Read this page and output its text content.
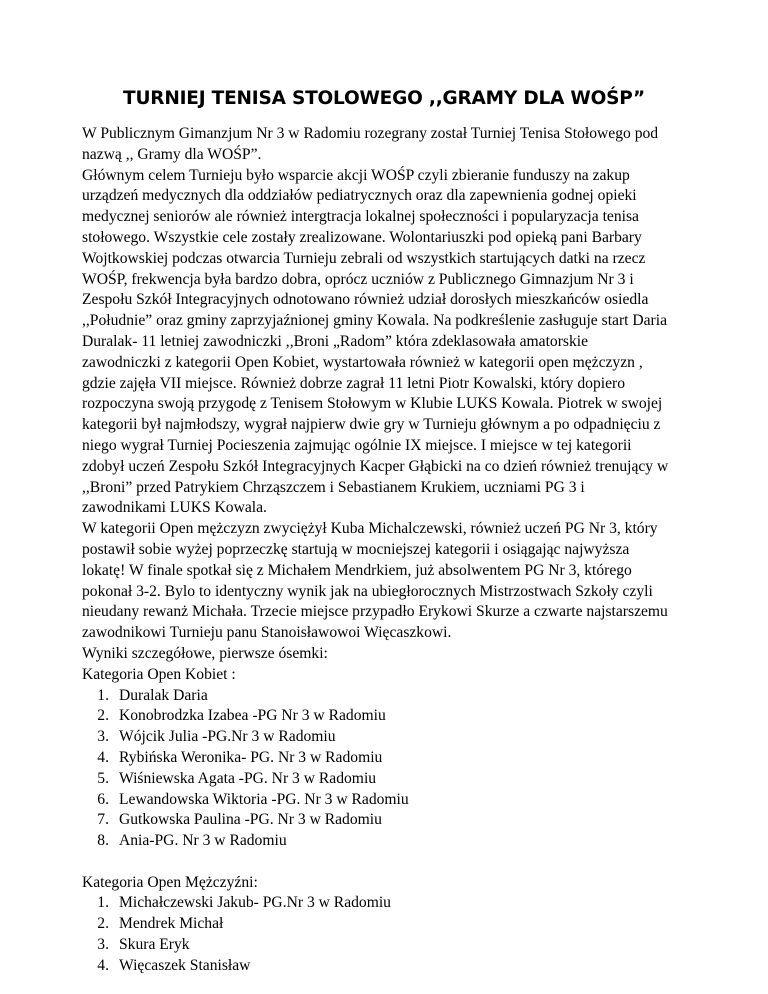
TURNIEJ TENISA STOLOWEGO ,,GRAMY DLA WOŚP”
W Publicznym Gimanzjum Nr 3 w Radomiu rozegrany został Turniej Tenisa Stołowego pod
nazwą ,, Gramy dla WOŚP”.
Głównym celem Turnieju było wsparcie akcji WOŚP czyli zbieranie funduszy na zakup
urządzeń medycznych dla oddziałów pediatrycznych oraz dla zapewnienia godnej opieki
medycznej seniorów ale również intergtracja lokalnej społeczności i popularyzacja tenisa
stołowego. Wszystkie cele zostały zrealizowane. Wolontariuszki pod opieką pani Barbary
Wojtkowskiej podczas otwarcia Turnieju zebrali od wszystkich startujących datki na rzecz
WOŚP, frekwencja była bardzo dobra, oprócz uczniów z Publicznego Gimnazjum Nr 3 i
Zespołu Szkół Integracyjnych odnotowano również udział dorosłych mieszkańców osiedla
,,Południe” oraz gminy zaprzyjaźnionej gminy Kowala. Na podkreślenie zasługuje start Daria
Duralak- 11 letniej zawodniczki ,,Broni „Radom” która zdeklasowała amatorskie
zawodniczki z kategorii Open Kobiet, wystartowała również w kategorii open mężczyzn ,
gdzie zajęła VII miejsce. Również dobrze zagrał 11 letni Piotr Kowalski, który dopiero
rozpoczyna swoją przygodę z Tenisem Stołowym w Klubie LUKS Kowala. Piotrek w swojej
kategorii był najmłodszy, wygrał najpierw dwie gry w Turnieju głównym a po odpadnięciu z
niego wygrał Turniej Pocieszenia zajmując ogólnie IX miejsce. I miejsce w tej kategorii
zdobył uczeń Zespołu Szkół Integracyjnych Kacper Głąbicki na co dzień również trenujący w
,,Broni” przed Patrykiem Chrząszczem i Sebastianem Krukiem, uczniami PG 3 i
zawodnikami LUKS Kowala.
W kategorii Open mężczyzn zwyciężył Kuba Michalczewski, również uczeń PG Nr 3, który
postawił sobie wyżej poprzeczkę startują w mocniejszej kategorii i osiągając najwyższa
lokatę! W finale spotkał się z Michałem Mendrkiem, już absolwentem PG Nr 3, którego
pokonał 3-2. Bylo to identyczny wynik jak na ubiegłorocznych Mistrzostwach Szkoły czyli
nieudany rewanż Michała. Trzecie miejsce przypadło Erykowi Skurze a czwarte najstarszemu
zawodnikowi Turnieju panu Stanoisławowoi Więcaszkowi.
Wyniki szczegółowe, pierwsze ósemki:
Kategoria Open Kobiet :
1. Duralak Daria
2. Konobrodzka Izabea -PG Nr 3 w Radomiu
3. Wójcik Julia -PG.Nr 3 w Radomiu
4. Rybińska Weronika- PG. Nr 3 w Radomiu
5. Wiśniewska Agata -PG. Nr 3 w Radomiu
6. Lewandowska Wiktoria -PG. Nr 3 w Radomiu
7. Gutkowska Paulina -PG. Nr 3 w Radomiu
8. Ania-PG. Nr 3 w Radomiu
Kategoria Open Mężczyźni:
1. Michałczewski Jakub- PG.Nr 3 w Radomiu
2. Mendrek Michał
3. Skura Eryk
4. Więcaszek Stanisław
